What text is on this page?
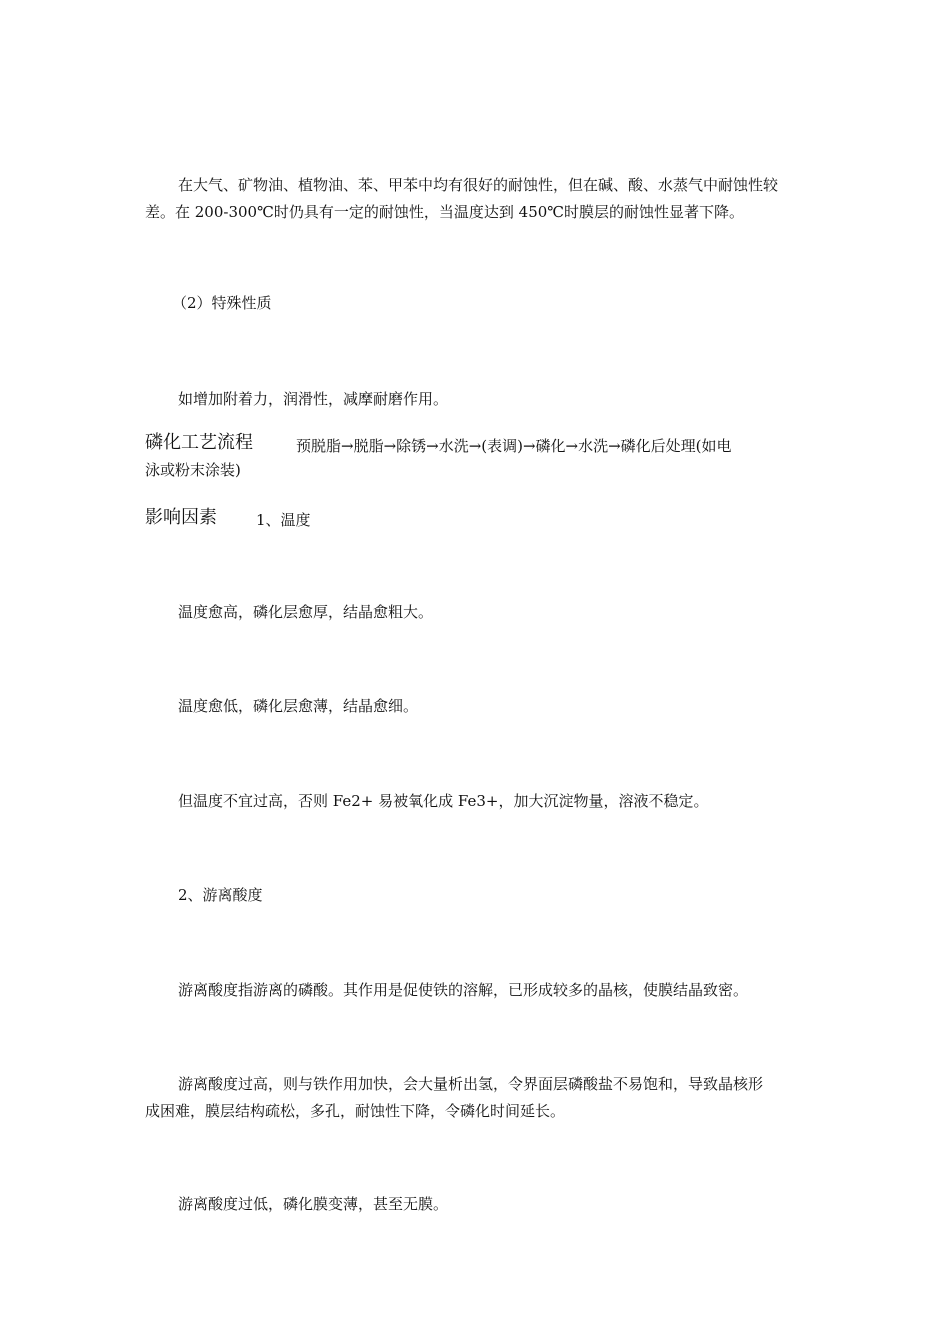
在大气、矿物油、植物油、苯、甲苯中均有很好的耐蚀性，但在碱、酸、水蒸气中耐蚀性较
差。在 200-300℃时仍具有一定的耐蚀性，当温度达到 450℃时膜层的耐蚀性显著下降。
（2）特殊性质
如增加附着力，润滑性，减摩耐磨作用。
磷化工艺流程	预脱脂→脱脂→除锈→水洗→(表调)→磷化→水洗→磷化后处理(如电
泳或粉末涂装)
影响因素	1、温度
温度愈高，磷化层愈厚，结晶愈粗大。
温度愈低，磷化层愈薄，结晶愈细。
但温度不宜过高，否则 Fe2+ 易被氧化成 Fe3+，加大沉淀物量，溶液不稳定。
2、游离酸度
游离酸度指游离的磷酸。其作用是促使铁的溶解，已形成较多的晶核，使膜结晶致密。
游离酸度过高，则与铁作用加快，会大量析出氢，令界面层磷酸盐不易饱和，导致晶核形
成困难，膜层结构疏松，多孔，耐蚀性下降，令磷化时间延长。
游离酸度过低，磷化膜变薄，甚至无膜。
